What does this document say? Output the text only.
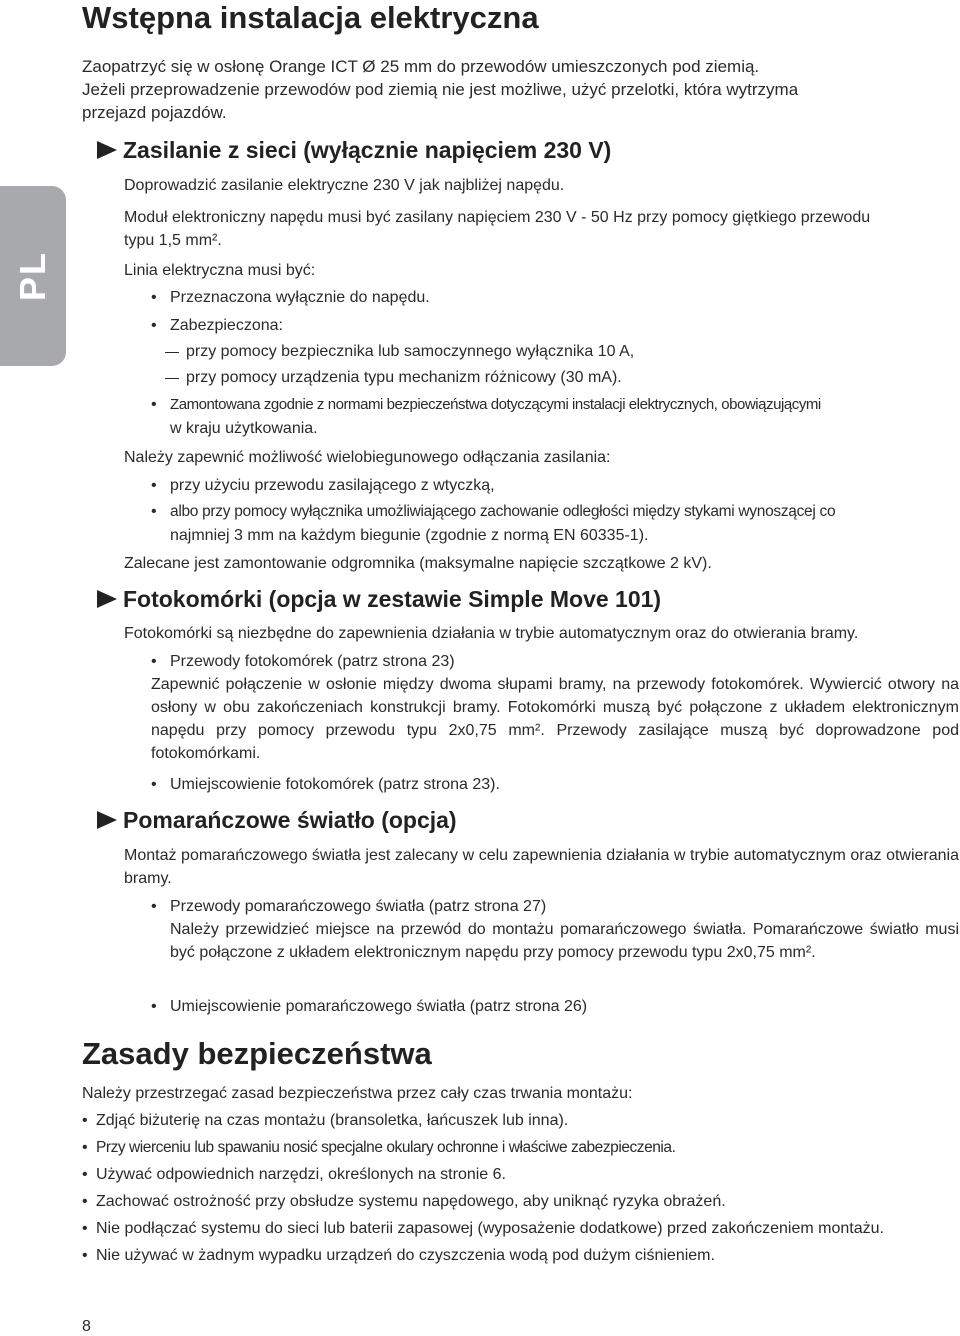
PL
Wstępna instalacja elektryczna

Zaopatrzyć się w osłonę Orange ICT Ø 25 mm do przewodów umieszczonych pod ziemią.

Jeżeli przeprowadzenie przewodów pod ziemią nie jest możliwe, użyć przelotki, która wytrzyma

przejazd pojazdów.

Zasilanie z sieci (wyłącznie napięciem 230 V)

Doprowadzić zasilanie elektryczne 230 V jak najbliżej napędu.

Moduł elektroniczny napędu musi być zasilany napięciem 230 V - 50 Hz przy pomocy giętkiego przewodu

typu 1,5 mm².

Linia elektryczna musi być:

• Przeznaczona wyłącznie do napędu.

• Zabezpieczona:

przy pomocy bezpiecznika lub samoczynnego wyłącznika 10 A,

przy pomocy urządzenia typu mechanizm różnicowy (30 mA).

• Zamontowana zgodnie z normami bezpieczeństwa dotyczącymi instalacji elektrycznych, obowiązującymi

w kraju użytkowania.

Należy zapewnić możliwość wielobiegunowego odłączania zasilania:

• przy użyciu przewodu zasilającego z wtyczką,

• albo przy pomocy wyłącznika umożliwiającego zachowanie odległości między stykami wynoszącej co

najmniej 3 mm na każdym biegunie (zgodnie z normą EN 60335-1).

Zalecane jest zamontowanie odgromnika (maksymalne napięcie szczątkowe 2 kV).

Fotokomórki (opcja w zestawie Simple Move 101)

Fotokomórki są niezbędne do zapewnienia działania w trybie automatycznym oraz do otwierania bramy.

• Przewody fotokomórek (patrz strona 23)

Zapewnić połączenie w osłonie między dwoma słupami bramy, na przewody fotokomórek. Wywiercić otwory na osłony w obu zakończeniach konstrukcji bramy. Fotokomórki muszą być połączone z układem elektronicznym napędu przy pomocy przewodu typu 2x0,75 mm². Przewody zasilające muszą być doprowadzone pod fotokomórkami.

• Umiejscowienie fotokomórek (patrz strona 23).

Pomarańczowe światło (opcja)

Montaż pomarańczowego światła jest zalecany w celu zapewnienia działania w trybie automatycznym oraz otwierania bramy.

• Przewody pomarańczowego światła (patrz strona 27)

Należy przewidzieć miejsce na przewód do montażu pomarańczowego światła. Pomarańczowe światło musi być połączone z układem elektronicznym napędu przy pomocy przewodu typu 2x0,75 mm².

• Umiejscowienie pomarańczowego światła (patrz strona 26)

Zasady bezpieczeństwa

Należy przestrzegać zasad bezpieczeństwa przez cały czas trwania montażu:

• Zdjąć biżuterię na czas montażu (bransoletka, łańcuszek lub inna).

• Przy wierceniu lub spawaniu nosić specjalne okulary ochronne i właściwe zabezpieczenia.

• Używać odpowiednich narzędzi, określonych na stronie 6.

• Zachować ostrożność przy obsłudze systemu napędowego, aby uniknąć ryzyka obrażeń.

• Nie podłączać systemu do sieci lub baterii zapasowej (wyposażenie dodatkowe) przed zakończeniem montażu.

• Nie używać w żadnym wypadku urządzeń do czyszczenia wodą pod dużym ciśnieniem.

8
